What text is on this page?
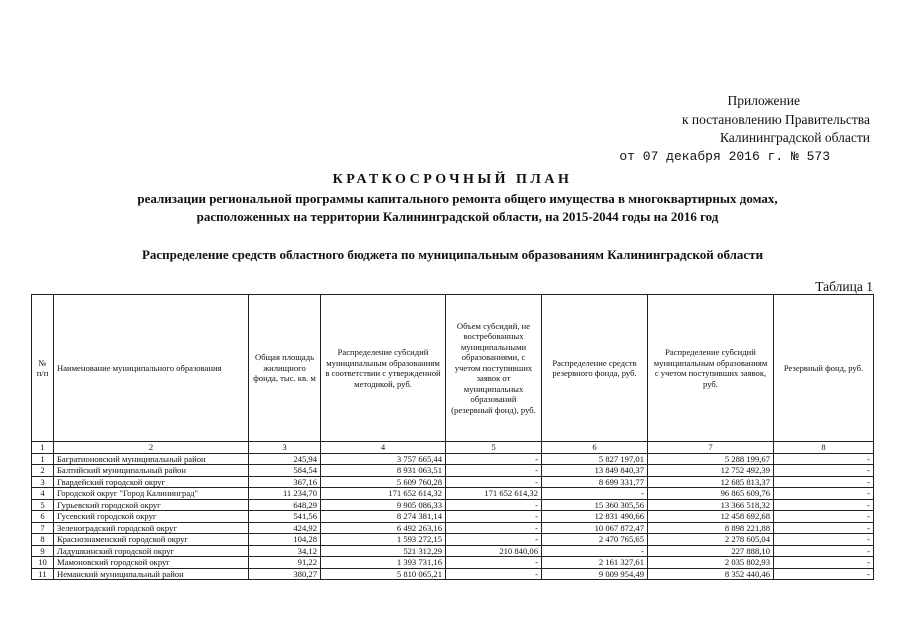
Приложение
к постановлению Правительства
Калининградской области
от 07 декабря 2016 г. № 573
КРАТКОСРОЧНЫЙ ПЛАН
реализации региональной программы капитального ремонта общего имущества в многоквартирных домах,
расположенных на территории Калининградской области, на 2015-2044 годы на 2016 год
Распределение средств областного бюджета по муниципальным образованиям Калининградской области
Таблица 1
№ п/п	Наименование муниципального образования	Общая площадь жилищного фонда, тыс. кв. м	Распределение субсидий муниципальным образованиям в соответствии с утвержденной методикой, руб.	Объем субсидий, не востребованных муниципальными образованиями, с учетом поступивших заявок от муниципальных образований (резервный фонд), руб.	Распределение средств резервного фонда, руб.	Распределение субсидий муниципальным образованиям с учетом поступивших заявок, руб.	Резервный фонд, руб.
1	2	3	4	5	6	7	8
1	Багратионовский муниципальный район	245,94	3 757 665,44	-	5 827 197,01	5 288 199,67	-
2	Балтийский муниципальный район	584,54	8 931 063,51	-	13 849 840,37	12 752 492,39	-
3	Гвардейский городской округ	367,16	5 609 760,28	-	8 699 331,77	12 685 813,37	-
4	Городской округ "Город Калининград"	11 234,70	171 652 614,32	171 652 614,32	-	96 865 609,76	-
5	Гурьевский городской округ	648,29	9 905 086,33	-	15 360 305,56	13 366 518,32	-
6	Гусевский городской округ	541,56	8 274 381,14	-	12 831 490,66	12 458 692,68	-
7	Зеленоградский городской округ	424,92	6 492 263,16	-	10 067 872,47	8 898 221,88	-
8	Краснознаменский городской округ	104,28	1 593 272,15	-	2 470 765,65	2 278 605,04	-
9	Ладушкинский городской округ	34,12	521 312,29	210 840,06	-	227 888,10	-
10	Мамоновский городской округ	91,22	1 393 731,16	-	2 161 327,61	2 035 802,93	-
11	Неманский муниципальный район	380,27	5 810 065,21	-	9 009 954,49	8 352 440,46	-
